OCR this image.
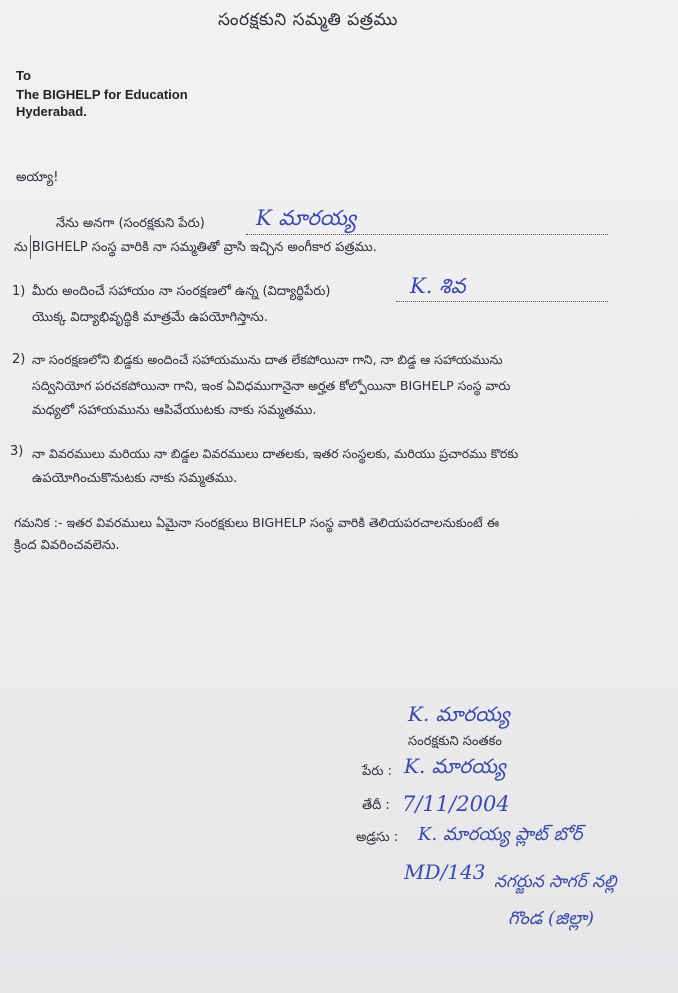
సంరక్షకుని సమ్మతి పత్రము
To
The BIGHELP for Education
Hyderabad.
అయ్యా!
నేను అనగా (సంరక్షకుని పేరు) K మారయ్య
ను BIGHELP సంస్థ వారికి నా సమ్మతితో వ్రాసి ఇచ్చిన అంగీకార పత్రము.
1) మీరు అందించే సహాయం నా సంరక్షణలో ఉన్న (విద్యార్థిపేరు)	K. శివ
యొక్క విద్యాభివృద్ధికి మాత్రమే ఉపయోగిస్తాను.
2) నా సంరక్షణలోని బిడ్డకు అందించే సహాయమును దాత లేకపోయినా గాని, నా బిడ్డ ఆ సహాయమును
సద్వినియోగ పరచకపోయినా గాని, ఇంక ఏవిధముగానైనా అర్హత కోల్పోయినా BIGHELP సంస్థ వారు
మధ్యలో సహాయమును ఆపివేయుటకు నాకు సమ్మతము.
3) నా వివరములు మరియు నా బిడ్డల వివరములు దాతలకు, ఇతర సంస్థలకు, మరియు ప్రచారము కొరకు
ఉపయోగించుకొనుటకు నాకు సమ్మతము.
గమనిక :- ఇతర వివరములు ఏమైనా సంరక్షకులు BIGHELP సంస్థ వారికి తెలియపరచాలనుకుంటే ఈ
క్రింద వివరించవలెను.
K. మారయ్య
సంరక్షకుని సంతకం
పేరు : K. మారయ్య
తేదీ : 7/11/2004
అడ్రసు : K. మారయ్య ప్లాట్ బోర్
MD/143 నగర్జున సాగర్ నల్లి
గొండ (జిల్లా)
